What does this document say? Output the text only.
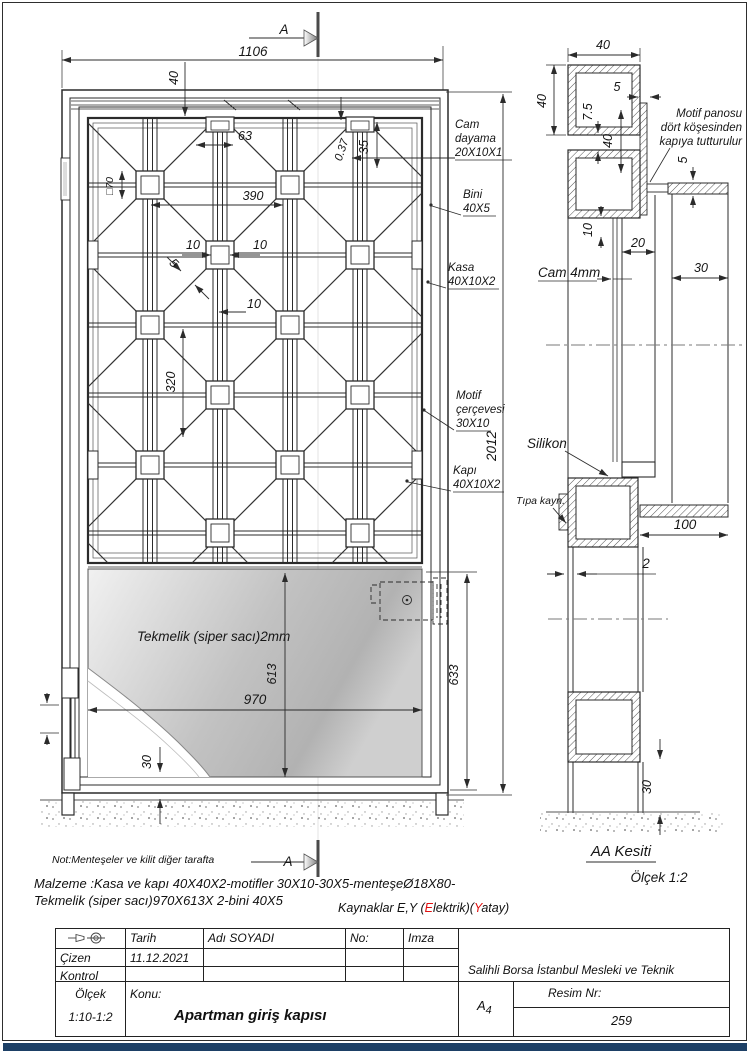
A
A
Tekmelik (siper sacı)2mm
1106
40
63
390
10	10
5
10
320
□70
0.37 35
2012
613
970
30
633
Cam
dayama
20X10X1
Bini
40X5
Kasa
40X10X2
Motif
çerçevesi
30X10
Kapı
40X10X2
40
40
5
7.5
40
5
10
20
30
100
2
30
Motif panosu
dört köşesinden
kapıya tutturulur
Cam 4mm
Silikon
Tıpa kayn.
AA Kesiti
Ölçek 1:2
Not:Menteşeler ve kilit diğer tarafta
Malzeme :Kasa ve kapı 40X40X2-motifler 30X10-30X5-menteşeØ18X80-
Tekmelik (siper sacı)970X613X 2-bini 40X5	Kaynaklar E,Y (Elektrik)(Yatay)
Tarih	Adı SOYADI	No:	Imza

Salihli Borsa İstanbul Mesleki ve Teknik

Çizen	11.12.2021
Kontrol
Ölçek
1:10-1:2
Konu:
Apartman giriş kapısı
$A_4$
Resim Nr:
259
